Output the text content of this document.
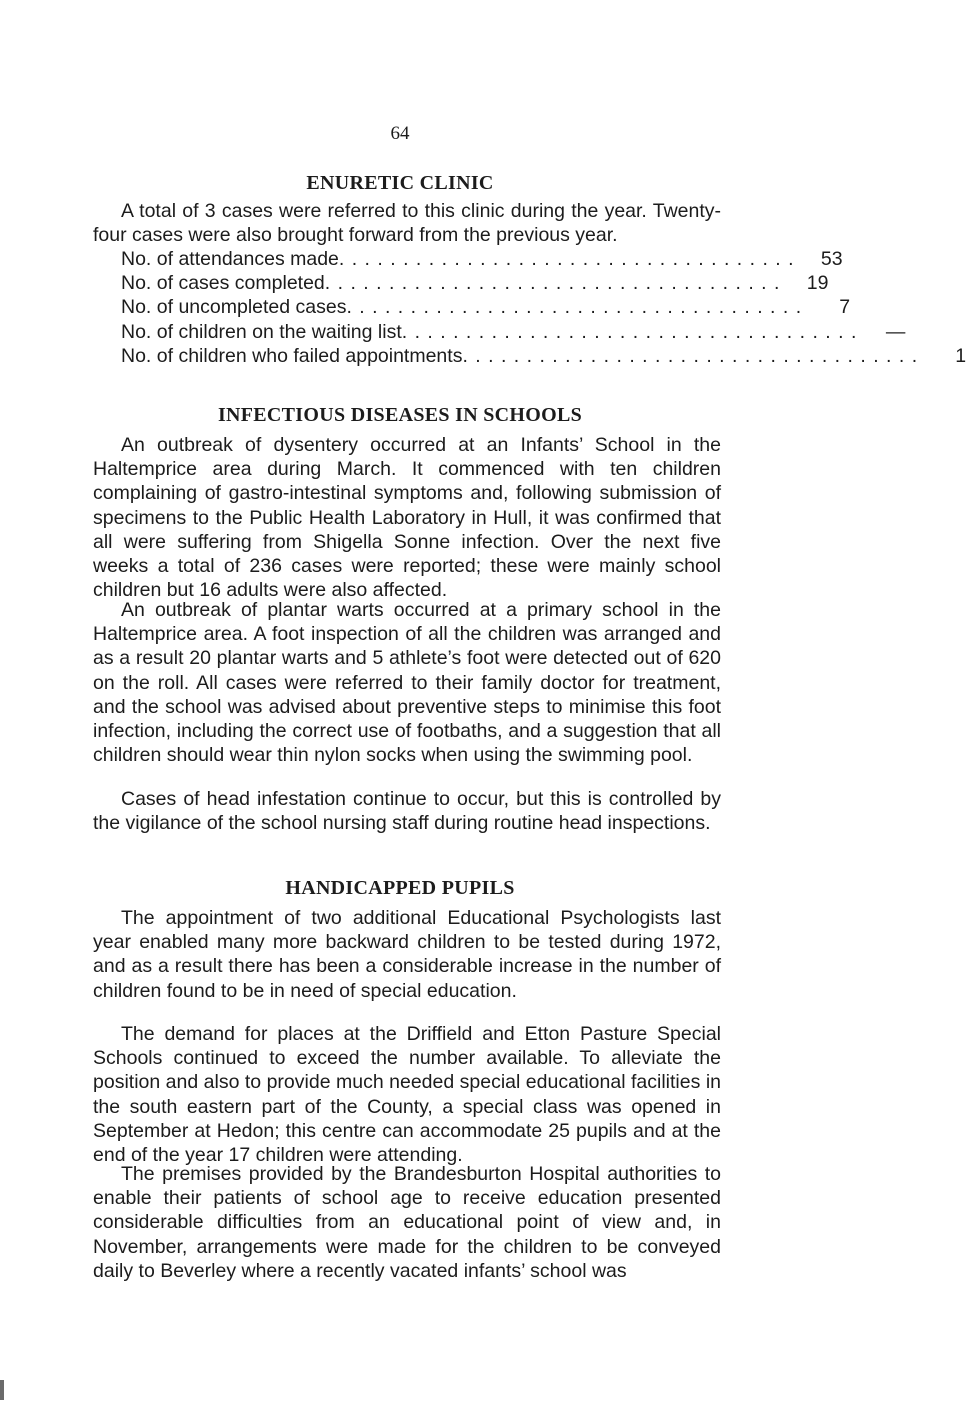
64
ENURETIC CLINIC

A total of 3 cases were referred to this clinic during the year. Twenty-four cases were also brought forward from the previous year.

No. of attendances made . . . . . . . . . . . . . . . . . . . . . . . . . . . . . . . . . . . .	53
No. of cases completed . . . . . . . . . . . . . . . . . . . . . . . . . . . . . . . . . . . .	19
No. of uncompleted cases . . . . . . . . . . . . . . . . . . . . . . . . . . . . . . . . . . . .	7
No. of children on the waiting list . . . . . . . . . . . . . . . . . . . . . . . . . . . . . . . . . . . .	—
No. of children who failed appointments . . . . . . . . . . . . . . . . . . . . . . . . . . . . . . . . . . . .	1
INFECTIOUS DISEASES IN SCHOOLS

An outbreak of dysentery occurred at an Infants’ School in the Haltemprice area during March. It commenced with ten children complaining of gastro-intestinal symptoms and, following submission of specimens to the Public Health Laboratory in Hull, it was confirmed that all were suffering from Shigella Sonne infection. Over the next five weeks a total of 236 cases were reported; these were mainly school children but 16 adults were also affected.

An outbreak of plantar warts occurred at a primary school in the Haltemprice area. A foot inspection of all the children was arranged and as a result 20 plantar warts and 5 athlete’s foot were detected out of 620 on the roll. All cases were referred to their family doctor for treatment, and the school was advised about preventive steps to minimise this foot infection, including the correct use of footbaths, and a suggestion that all children should wear thin nylon socks when using the swimming pool.

Cases of head infestation continue to occur, but this is controlled by the vigilance of the school nursing staff during routine head inspections.

HANDICAPPED PUPILS

The appointment of two additional Educational Psychologists last year enabled many more backward children to be tested during 1972, and as a result there has been a considerable increase in the number of children found to be in need of special education.

The demand for places at the Driffield and Etton Pasture Special Schools continued to exceed the number available. To alleviate the position and also to provide much needed special educational facilities in the south eastern part of the County, a special class was opened in September at Hedon; this centre can accommodate 25 pupils and at the end of the year 17 children were attending.

The premises provided by the Brandesburton Hospital authorities to enable their patients of school age to receive education presented considerable difficulties from an educational point of view and, in November, arrangements were made for the children to be conveyed daily to Beverley where a recently vacated infants’ school was
